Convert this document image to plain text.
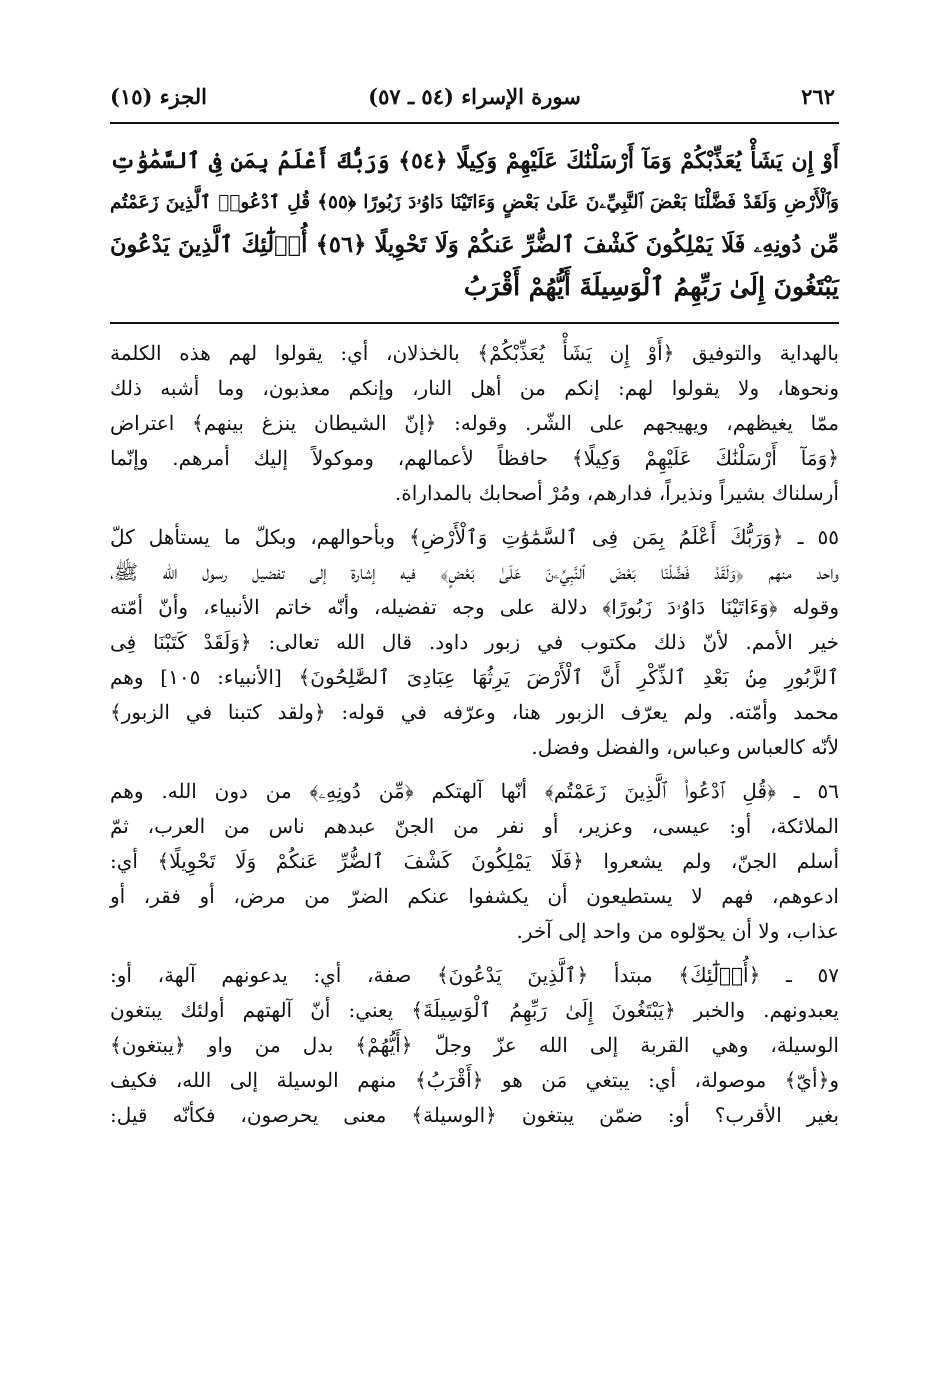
٢٦٢
سورة الإسراء (٥٤ ـ ٥٧)
الجزء (١٥)

أَوْ إِن يَشَأْ يُعَذِّبْكُمْ وَمَآ أَرْسَلْنَٰكَ عَلَيْهِمْ وَكِيلًا ﴿٥٤﴾ وَرَبُّكَ أَعْلَمُ بِمَن فِى ٱلسَّمَٰوَٰتِ

وَٱلْأَرْضِ وَلَقَدْ فَضَّلْنَا بَعْضَ ٱلنَّبِيِّۦنَ عَلَىٰ بَعْضٍ وَءَاتَيْنَا دَاوُۥدَ زَبُورًا ﴿٥٥﴾ قُلِ ٱدْعُوا۟ ٱلَّذِينَ زَعَمْتُم

مِّن دُونِهِۦ فَلَا يَمْلِكُونَ كَشْفَ ٱلضُّرِّ عَنكُمْ وَلَا تَحْوِيلًا ﴿٥٦﴾ أُو۟لَٰٓئِكَ ٱلَّذِينَ يَدْعُونَ

يَبْتَغُونَ إِلَىٰ رَبِّهِمُ ٱلْوَسِيلَةَ أَيُّهُمْ أَقْرَبُ

بالهداية والتوفيق ﴿أَوْ إِن يَشَأْ يُعَذِّبْكُمْ﴾ بالخذلان، أي: يقولوا لهم هذه الكلمة

ونحوها، ولا يقولوا لهم: إنكم من أهل النار، وإنكم معذبون، وما أشبه ذلك

ممّا يغيظهم، ويهيجهم على الشّر. وقوله: ﴿إنّ الشيطان ينزغ بينهم﴾ اعتراض

﴿وَمَآ أَرْسَلْنَٰكَ عَلَيْهِمْ وَكِيلًا﴾ حافظاً لأعمالهم، وموكولاً إليك أمرهم. وإنّما

أرسلناك بشيراً ونذيراً، فدارهم، ومُرْ أصحابك بالمداراة.

٥٥ ـ ﴿وَرَبُّكَ أَعْلَمُ بِمَن فِى ٱلسَّمَٰوَٰتِ وَٱلْأَرْضِ﴾ وبأحوالهم، وبكلّ ما يستأهل كلّ

واحد منهم ﴿وَلَقَدْ فَضَّلْنَا بَعْضَ ٱلنَّبِيِّۦنَ عَلَىٰ بَعْضٍ﴾ فيه إشارة إلى تفضيل رسول الله ﷺ،

وقوله ﴿وَءَاتَيْنَا دَاوُۥدَ زَبُورًا﴾ دلالة على وجه تفضيله، وأنّه خاتم الأنبياء، وأنّ أمّته

خير الأمم. لأنّ ذلك مكتوب في زبور داود. قال الله تعالى: ﴿وَلَقَدْ كَتَبْنَا فِى

ٱلزَّبُورِ مِنۢ بَعْدِ ٱلذِّكْرِ أَنَّ ٱلْأَرْضَ يَرِثُهَا عِبَادِىَ ٱلصَّٰلِحُونَ﴾ [الأنبياء: ١٠٥] وهم

محمد وأمّته. ولم يعرّف الزبور هنا، وعرّفه في قوله: ﴿ولقد كتبنا في الزبور﴾

لأنّه كالعباس وعباس، والفضل وفضل.

٥٦ ـ ﴿قُلِ ٱدْعُوا۟ ٱلَّذِينَ زَعَمْتُم﴾ أنّها آلهتكم ﴿مِّن دُونِهِۦ﴾ من دون الله. وهم

الملائكة، أو: عيسى، وعزير، أو نفر من الجنّ عبدهم ناس من العرب، ثمّ

أسلم الجنّ، ولم يشعروا ﴿فَلَا يَمْلِكُونَ كَشْفَ ٱلضُّرِّ عَنكُمْ وَلَا تَحْوِيلًا﴾ أي:

ادعوهم، فهم لا يستطيعون أن يكشفوا عنكم الضرّ من مرض، أو فقر، أو

عذاب، ولا أن يحوّلوه من واحد إلى آخر.

٥٧ ـ ﴿أُو۟لَٰٓئِكَ﴾ مبتدأ ﴿ٱلَّذِينَ يَدْعُونَ﴾ صفة، أي: يدعونهم آلهة، أو:

يعبدونهم. والخبر ﴿يَبْتَغُونَ إِلَىٰ رَبِّهِمُ ٱلْوَسِيلَةَ﴾ يعني: أنّ آلهتهم أولئك يبتغون

الوسيلة، وهي القربة إلى الله عزّ وجلّ ﴿أَيُّهُمْ﴾ بدل من واو ﴿يبتغون﴾

و﴿أيّ﴾ موصولة، أي: يبتغي مَن هو ﴿أَقْرَبُ﴾ منهم الوسيلة إلى الله، فكيف

بغير الأقرب؟ أو: ضمّن يبتغون ﴿الوسيلة﴾ معنى يحرصون، فكأنّه قيل:
